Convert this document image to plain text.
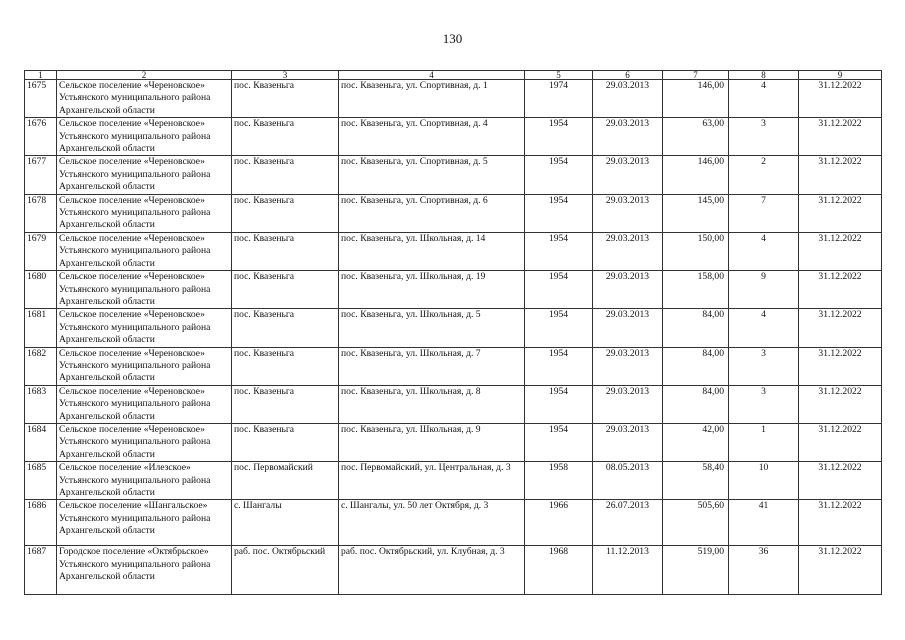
130
1	2	3	4	5	6	7	8	9
1675	Сельское поселение «Череновское» Устьянского муниципального района Архангельской области	пос. Квазеньга	пос. Квазеньга, ул. Спортивная, д. 1	1974	29.03.2013	146,00	4	31.12.2022
1676	Сельское поселение «Череновское» Устьянского муниципального района Архангельской области	пос. Квазеньга	пос. Квазеньга, ул. Спортивная, д. 4	1954	29.03.2013	63,00	3	31.12.2022
1677	Сельское поселение «Череновское» Устьянского муниципального района Архангельской области	пос. Квазеньга	пос. Квазеньга, ул. Спортивная, д. 5	1954	29.03.2013	146,00	2	31.12.2022
1678	Сельское поселение «Череновское» Устьянского муниципального района Архангельской области	пос. Квазеньга	пос. Квазеньга, ул. Спортивная, д. 6	1954	29.03.2013	145,00	7	31.12.2022
1679	Сельское поселение «Череновское» Устьянского муниципального района Архангельской области	пос. Квазеньга	пос. Квазеньга, ул. Школьная, д. 14	1954	29.03.2013	150,00	4	31.12.2022
1680	Сельское поселение «Череновское» Устьянского муниципального района Архангельской области	пос. Квазеньга	пос. Квазеньга, ул. Школьная, д. 19	1954	29.03.2013	158,00	9	31.12.2022
1681	Сельское поселение «Череновское» Устьянского муниципального района Архангельской области	пос. Квазеньга	пос. Квазеньга, ул. Школьная, д. 5	1954	29.03.2013	84,00	4	31.12.2022
1682	Сельское поселение «Череновское» Устьянского муниципального района Архангельской области	пос. Квазеньга	пос. Квазеньга, ул. Школьная, д. 7	1954	29.03.2013	84,00	3	31.12.2022
1683	Сельское поселение «Череновское» Устьянского муниципального района Архангельской области	пос. Квазеньга	пос. Квазеньга, ул. Школьная, д. 8	1954	29.03.2013	84,00	3	31.12.2022
1684	Сельское поселение «Череновское» Устьянского муниципального района Архангельской области	пос. Квазеньга	пос. Квазеньга, ул. Школьная, д. 9	1954	29.03.2013	42,00	1	31.12.2022
1685	Сельское поселение «Илезское» Устьянского муниципального района Архангельской области	пос. Первомайский	пос. Первомайский, ул. Центральная, д. 3	1958	08.05.2013	58,40	10	31.12.2022
1686	Сельское поселение «Шангальское» Устьянского муниципального района Архангельской области	с. Шангалы	с. Шангалы, ул. 50 лет Октября, д. 3	1966	26.07.2013	505,60	41	31.12.2022
1687	Городское поселение «Октябрьское» Устьянского муниципального района Архангельской области	раб. пос. Октябрьский	раб. пос. Октябрьский, ул. Клубная, д. 3	1968	11.12.2013	519,00	36	31.12.2022
